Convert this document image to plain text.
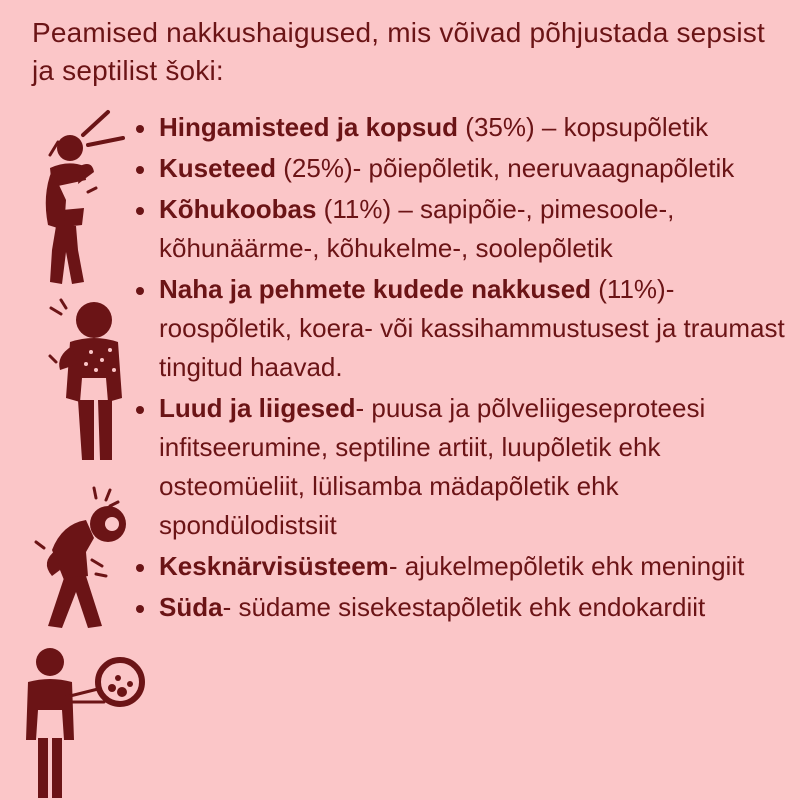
Peamised nakkushaigused, mis võivad põhjustada sepsist ja septilist šoki:
Hingamisteed ja kopsud (35%) – kopsupõletik
Kuseteed (25%)- põiepõletik, neeruvaagnapõletik
Kõhukoobas (11%) – sapipõie-, pimesoole-, kõhunäärme-, kõhukelme-, soolepõletik
Naha ja pehmete kudede nakkused (11%)- roospõletik, koera- või kassihammustusest ja traumast tingitud haavad.
Luud ja liigesed- puusa ja põlveliigeseproteesi infitseerumine, septiline artiit, luupõletik ehk osteomüeliit, lülisamba mädapõletik ehk spondülodistsiit
Kesknärvisüsteem- ajukelmepõletik ehk meningiit
Süda- südame sisekestapõletik ehk endokardiit
